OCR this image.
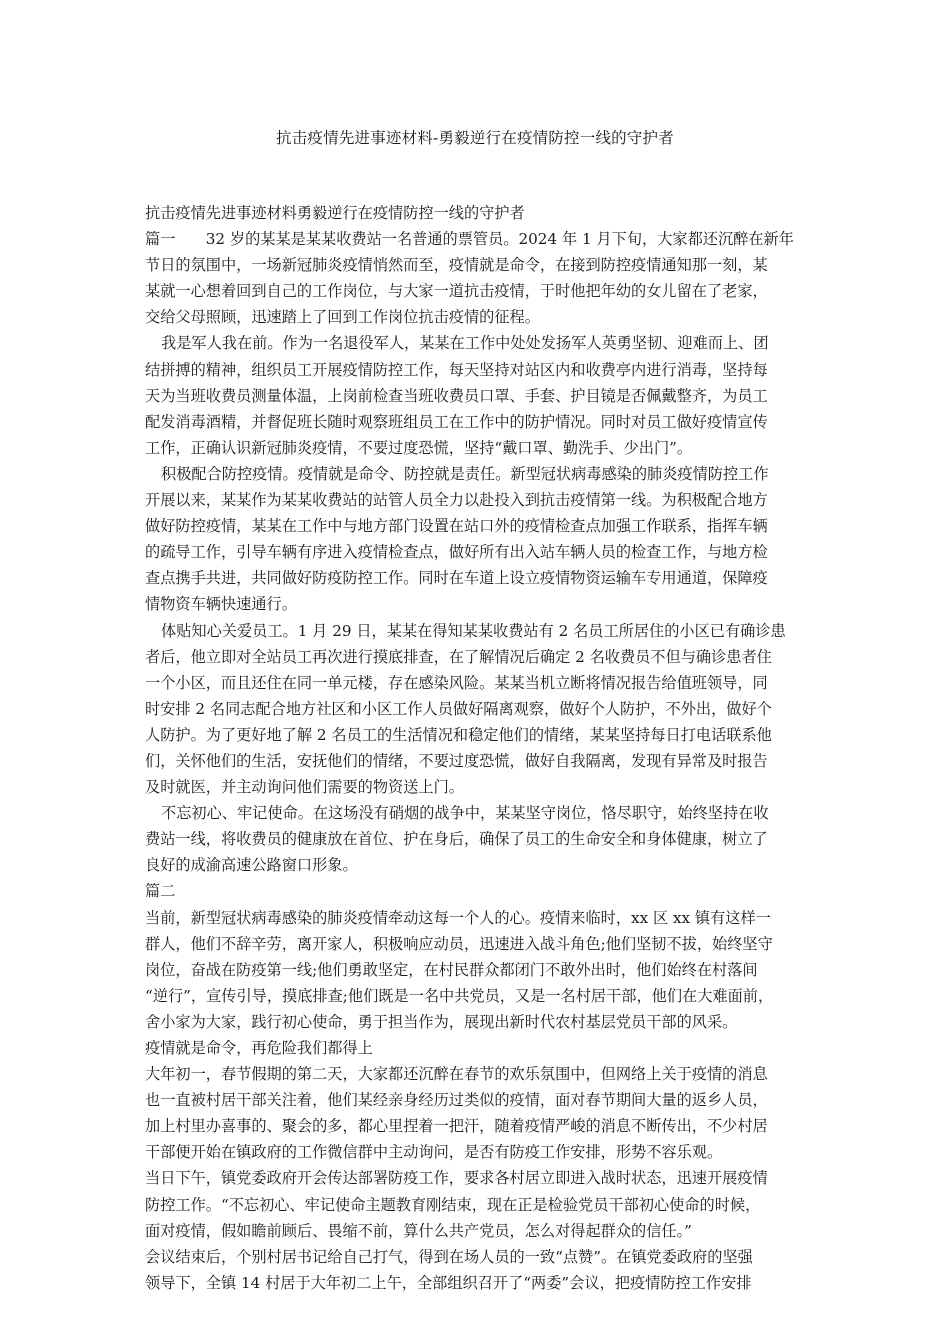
抗击疫情先进事迹材料-勇毅逆行在疫情防控一线的守护者

抗击疫情先进事迹材料勇毅逆行在疫情防控一线的守护者

篇一　　32 岁的某某是某某收费站一名普通的票管员。2024 年 1 月下旬，大家都还沉醉在新年

节日的氛围中，一场新冠肺炎疫情悄然而至，疫情就是命令，在接到防控疫情通知那一刻，某

某就一心想着回到自己的工作岗位，与大家一道抗击疫情，于时他把年幼的女儿留在了老家，

交给父母照顾，迅速踏上了回到工作岗位抗击疫情的征程。

我是军人我在前。作为一名退役军人，某某在工作中处处发扬军人英勇坚韧、迎难而上、团

结拼搏的精神，组织员工开展疫情防控工作，每天坚持对站区内和收费亭内进行消毒，坚持每

天为当班收费员测量体温，上岗前检查当班收费员口罩、手套、护目镜是否佩戴整齐，为员工

配发消毒酒精，并督促班长随时观察班组员工在工作中的防护情况。同时对员工做好疫情宣传

工作，正确认识新冠肺炎疫情，不要过度恐慌，坚持“戴口罩、勤洗手、少出门”。

积极配合防控疫情。疫情就是命令、防控就是责任。新型冠状病毒感染的肺炎疫情防控工作

开展以来，某某作为某某收费站的站管人员全力以赴投入到抗击疫情第一线。为积极配合地方

做好防控疫情，某某在工作中与地方部门设置在站口外的疫情检查点加强工作联系，指挥车辆

的疏导工作，引导车辆有序进入疫情检查点，做好所有出入站车辆人员的检查工作，与地方检

查点携手共进，共同做好防疫防控工作。同时在车道上设立疫情物资运输车专用通道，保障疫

情物资车辆快速通行。

体贴知心关爱员工。1 月 29 日，某某在得知某某收费站有 2 名员工所居住的小区已有确诊患

者后，他立即对全站员工再次进行摸底排查，在了解情况后确定 2 名收费员不但与确诊患者住

一个小区，而且还住在同一单元楼，存在感染风险。某某当机立断将情况报告给值班领导，同

时安排 2 名同志配合地方社区和小区工作人员做好隔离观察，做好个人防护，不外出，做好个

人防护。为了更好地了解 2 名员工的生活情况和稳定他们的情绪，某某坚持每日打电话联系他

们，关怀他们的生活，安抚他们的情绪，不要过度恐慌，做好自我隔离，发现有异常及时报告

及时就医，并主动询问他们需要的物资送上门。

不忘初心、牢记使命。在这场没有硝烟的战争中，某某坚守岗位，恪尽职守，始终坚持在收

费站一线，将收费员的健康放在首位、护在身后，确保了员工的生命安全和身体健康，树立了

良好的成渝高速公路窗口形象。

篇二

当前，新型冠状病毒感染的肺炎疫情牵动这每一个人的心。疫情来临时，xx 区 xx 镇有这样一

群人，他们不辞辛劳，离开家人，积极响应动员，迅速进入战斗角色;他们坚韧不拔，始终坚守

岗位，奋战在防疫第一线;他们勇敢坚定，在村民群众都闭门不敢外出时，他们始终在村落间

“逆行”，宣传引导，摸底排查;他们既是一名中共党员，又是一名村居干部，他们在大难面前，

舍小家为大家，践行初心使命，勇于担当作为，展现出新时代农村基层党员干部的风采。

疫情就是命令，再危险我们都得上

大年初一，春节假期的第二天，大家都还沉醉在春节的欢乐氛围中，但网络上关于疫情的消息

也一直被村居干部关注着，他们某经亲身经历过类似的疫情，面对春节期间大量的返乡人员，

加上村里办喜事的、聚会的多，都心里捏着一把汗，随着疫情严峻的消息不断传出，不少村居

干部便开始在镇政府的工作微信群中主动询问，是否有防疫工作安排，形势不容乐观。

当日下午，镇党委政府开会传达部署防疫工作，要求各村居立即进入战时状态，迅速开展疫情

防控工作。“不忘初心、牢记使命主题教育刚结束，现在正是检验党员干部初心使命的时候，

面对疫情，假如瞻前顾后、畏缩不前，算什么共产党员，怎么对得起群众的信任。”

会议结束后，个别村居书记给自己打气，得到在场人员的一致“点赞”。在镇党委政府的坚强

领导下，全镇 14 村居于大年初二上午，全部组织召开了“两委”会议，把疫情防控工作安排
